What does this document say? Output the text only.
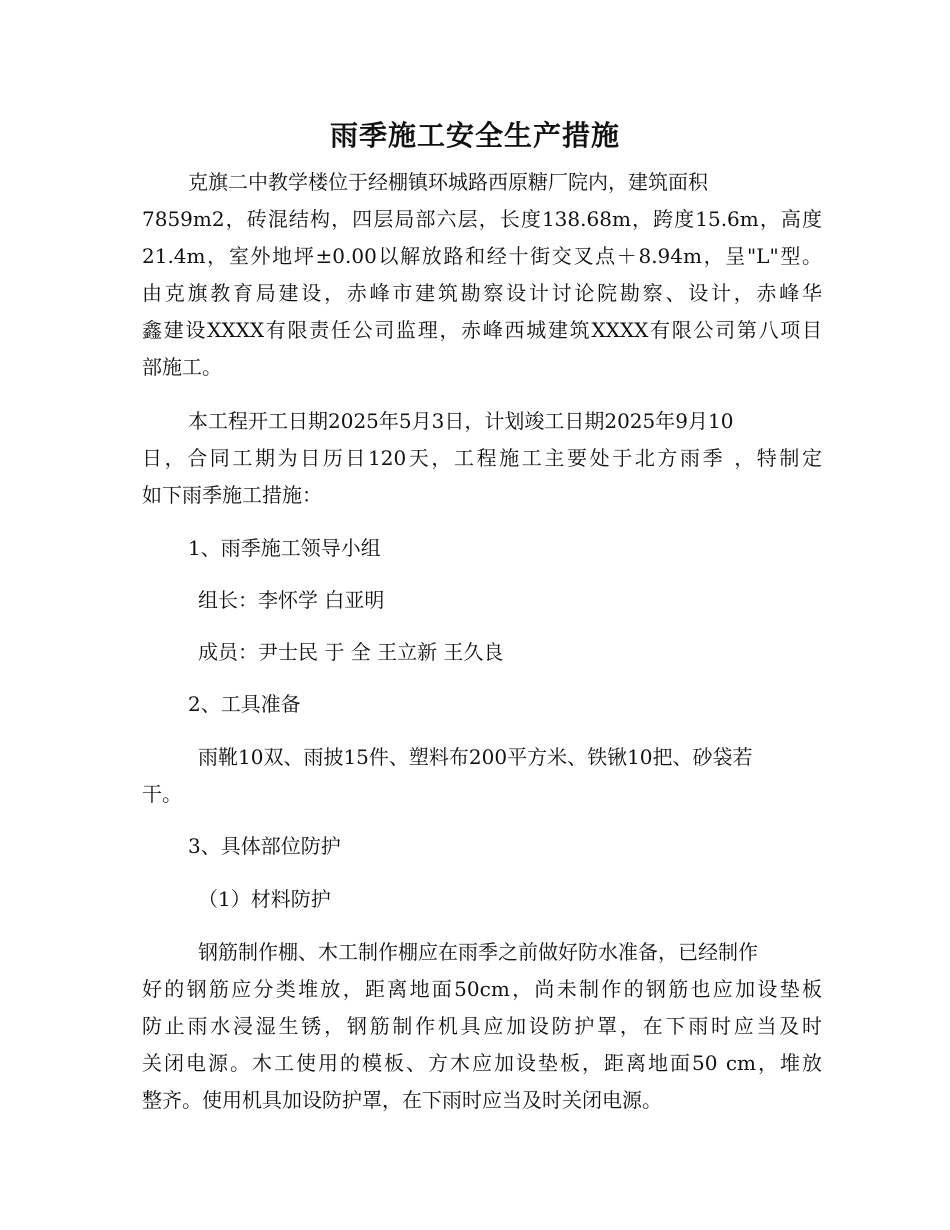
雨季施工安全生产措施

克旗二中教学楼位于经棚镇环城路西原糖厂院内，建筑面积

7859m2，砖混结构，四层局部六层，长度138.68m，跨度15.6m，高度

21.4m，室外地坪±0.00以解放路和经十街交叉点＋8.94m，呈"L"型。

由克旗教育局建设，赤峰市建筑勘察设计讨论院勘察、设计，赤峰华

鑫建设XXXX有限责任公司监理，赤峰西城建筑XXXX有限公司第八项目

部施工。

本工程开工日期2025年5月3日，计划竣工日期2025年9月10

日，合同工期为日历日120天，工程施工主要处于北方雨季 ，特制定

如下雨季施工措施：

1、雨季施工领导小组

组长：李怀学 白亚明

成员：尹士民 于 全 王立新 王久良

2、工具准备

雨靴10双、雨披15件、塑料布200平方米、铁锹10把、砂袋若

干。

3、具体部位防护

（1）材料防护

钢筋制作棚、木工制作棚应在雨季之前做好防水准备，已经制作

好的钢筋应分类堆放，距离地面50cm，尚未制作的钢筋也应加设垫板

防止雨水浸湿生锈，钢筋制作机具应加设防护罩，在下雨时应当及时

关闭电源。木工使用的模板、方木应加设垫板，距离地面50 cm，堆放

整齐。使用机具加设防护罩，在下雨时应当及时关闭电源。
